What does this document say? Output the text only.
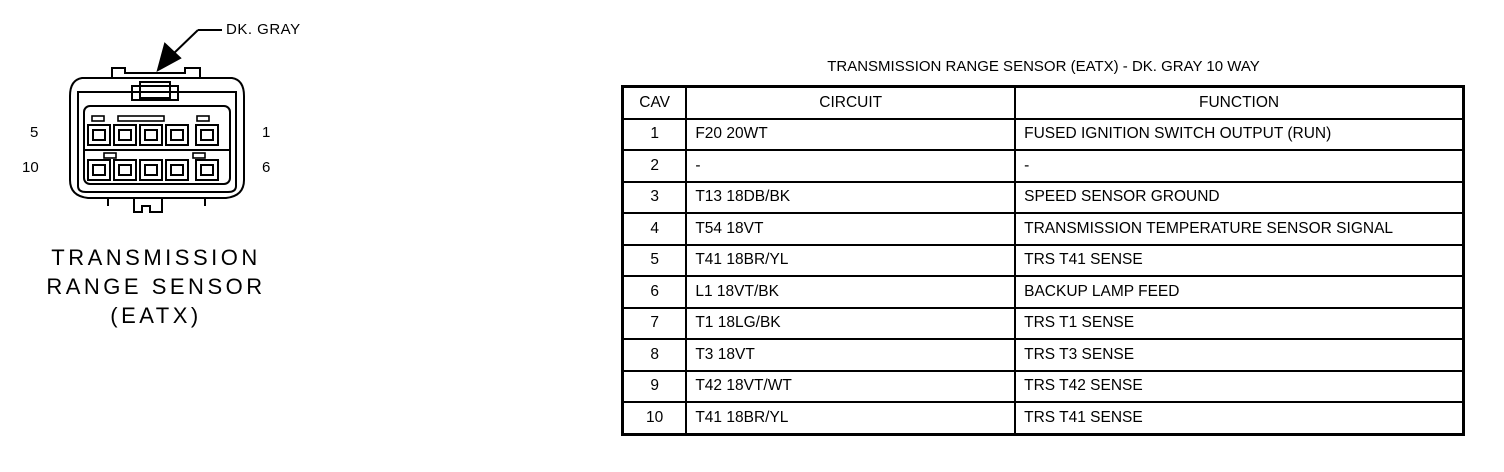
DK. GRAY
5	1
10	6
TRANSMISSION
RANGE SENSOR
(EATX)
TRANSMISSION RANGE SENSOR (EATX) - DK. GRAY 10 WAY
CAV	CIRCUIT	FUNCTION
1	F20 20WT	FUSED IGNITION SWITCH OUTPUT (RUN)
2	-	-
3	T13 18DB/BK	SPEED SENSOR GROUND
4	T54 18VT	TRANSMISSION TEMPERATURE SENSOR SIGNAL
5	T41 18BR/YL	TRS T41 SENSE
6	L1 18VT/BK	BACKUP LAMP FEED
7	T1 18LG/BK	TRS T1 SENSE
8	T3 18VT	TRS T3 SENSE
9	T42 18VT/WT	TRS T42 SENSE
10	T41 18BR/YL	TRS T41 SENSE
